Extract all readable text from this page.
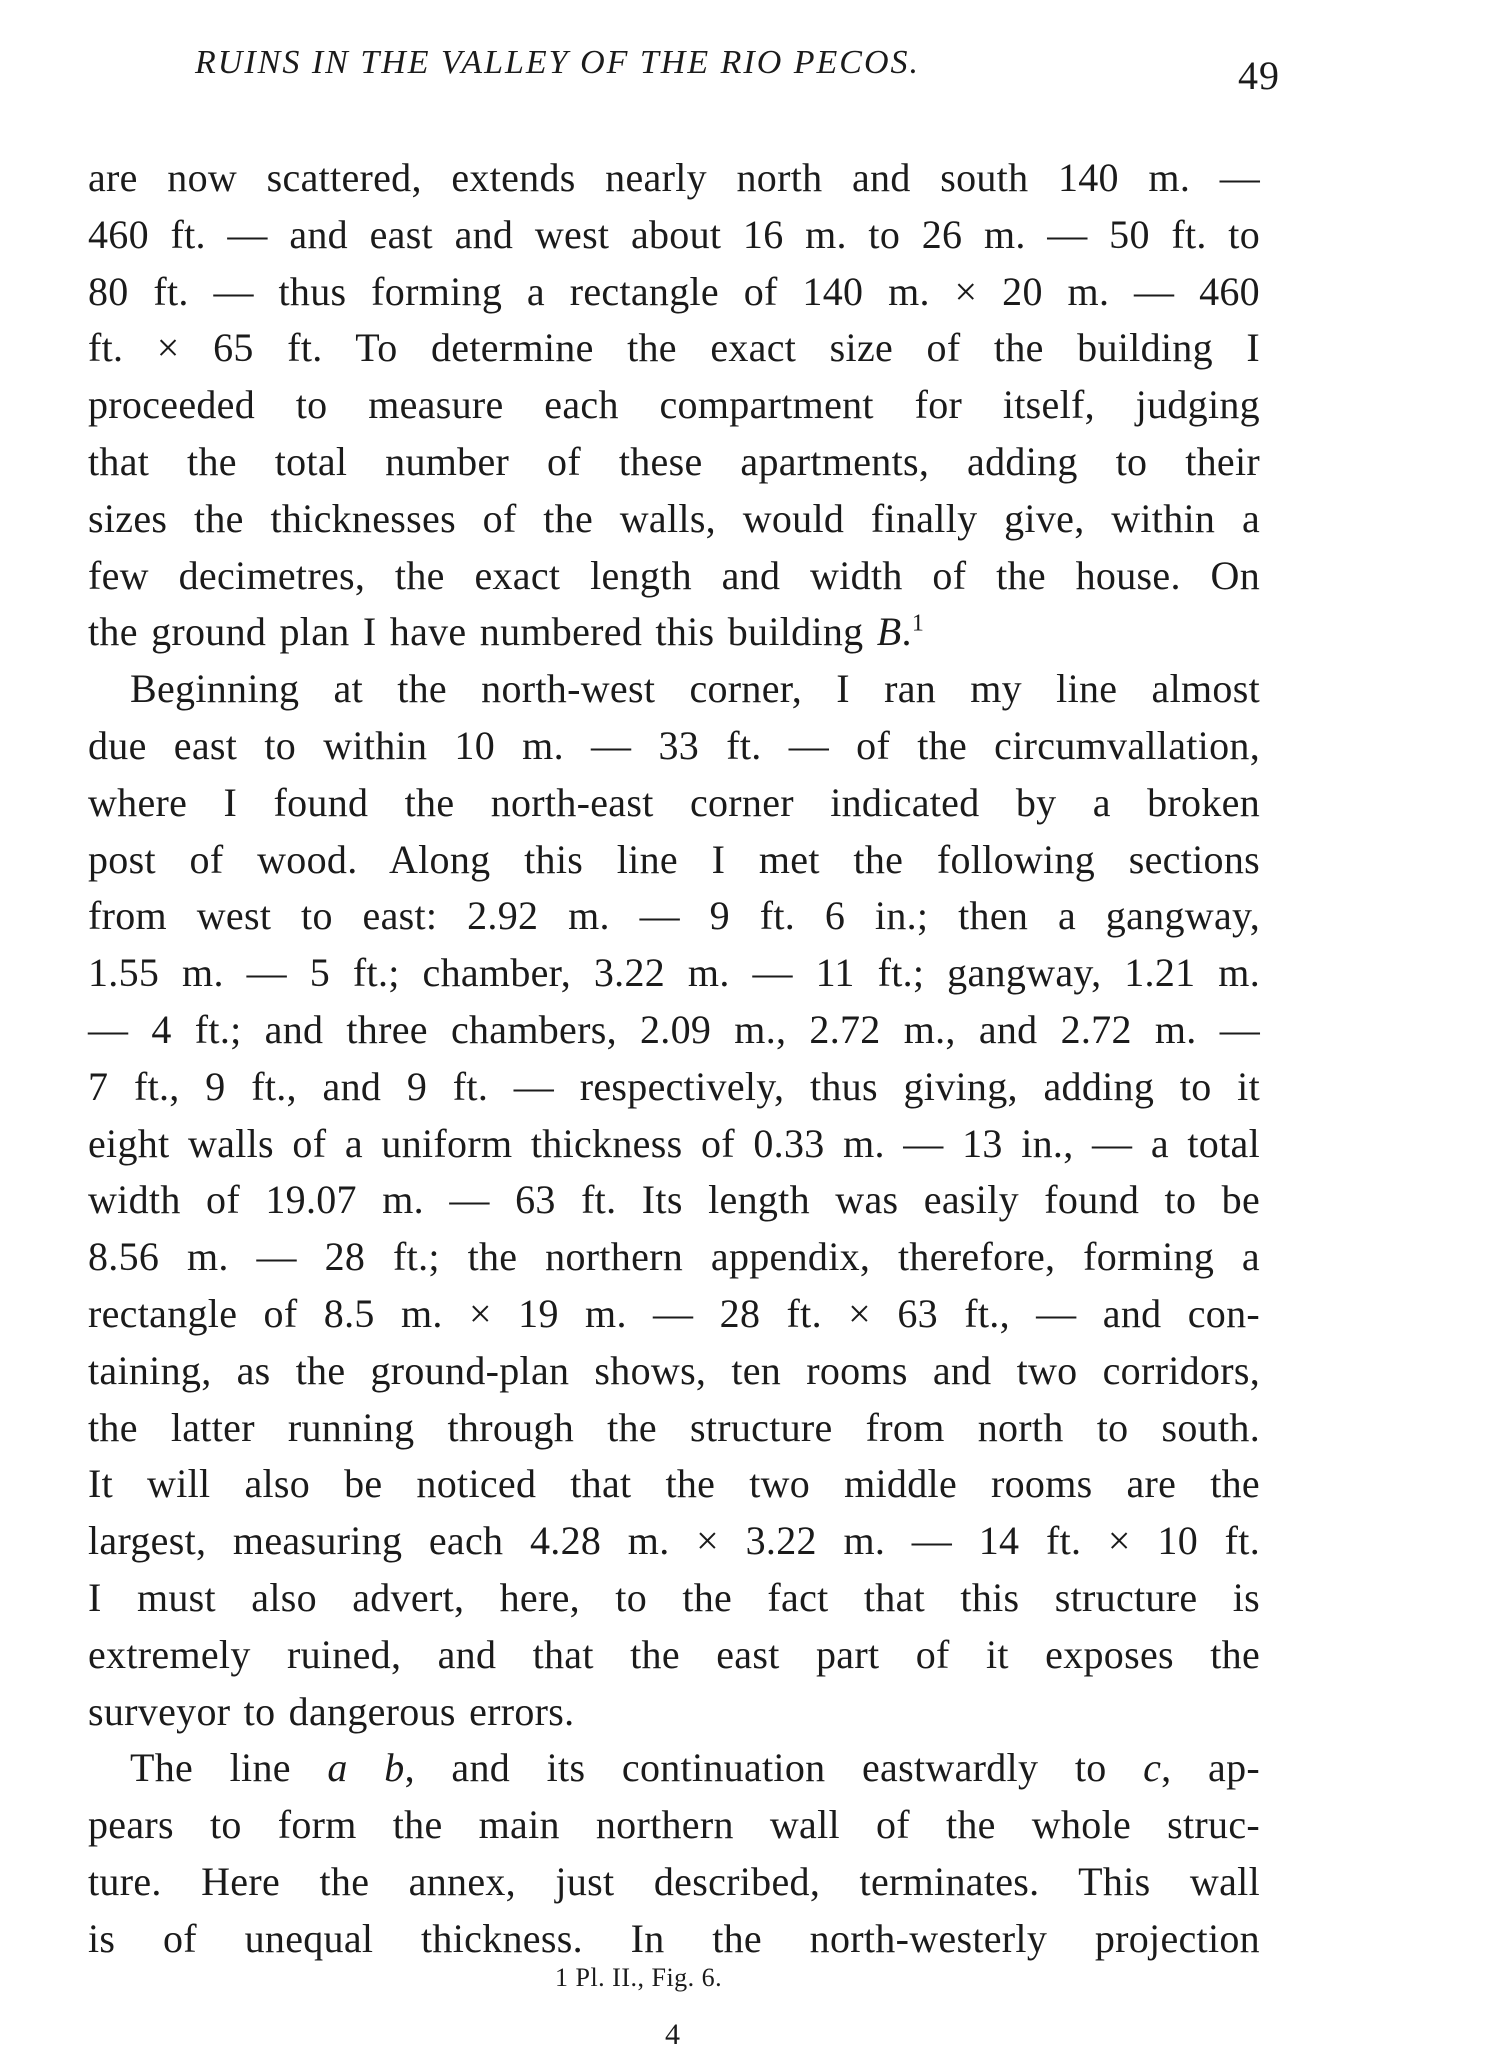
RUINS IN THE VALLEY OF THE RIO PECOS.	49
are now scattered, extends nearly north and south 140 m. —
460 ft. — and east and west about 16 m. to 26 m. — 50 ft. to
80 ft. — thus forming a rectangle of 140 m. × 20 m. — 460
ft. × 65 ft. To determine the exact size of the building I
proceeded to measure each compartment for itself, judging
that the total number of these apartments, adding to their
sizes the thicknesses of the walls, would finally give, within a
few decimetres, the exact length and width of the house. On
the ground plan I have numbered this building B.$^1$
Beginning at the north-west corner, I ran my line almost
due east to within 10 m. — 33 ft. — of the circumvallation,
where I found the north-east corner indicated by a broken
post of wood. Along this line I met the following sections
from west to east: 2.92 m. — 9 ft. 6 in.; then a gangway,
1.55 m. — 5 ft.; chamber, 3.22 m. — 11 ft.; gangway, 1.21 m.
— 4 ft.; and three chambers, 2.09 m., 2.72 m., and 2.72 m. —
7 ft., 9 ft., and 9 ft. — respectively, thus giving, adding to it
eight walls of a uniform thickness of 0.33 m. — 13 in., — a total
width of 19.07 m. — 63 ft. Its length was easily found to be
8.56 m. — 28 ft.; the northern appendix, therefore, forming a
rectangle of 8.5 m. × 19 m. — 28 ft. × 63 ft., — and con-
taining, as the ground-plan shows, ten rooms and two corridors,
the latter running through the structure from north to south.
It will also be noticed that the two middle rooms are the
largest, measuring each 4.28 m. × 3.22 m. — 14 ft. × 10 ft.
I must also advert, here, to the fact that this structure is
extremely ruined, and that the east part of it exposes the
surveyor to dangerous errors.
The line a b, and its continuation eastwardly to c, ap-
pears to form the main northern wall of the whole struc-
ture. Here the annex, just described, terminates. This wall
is of unequal thickness. In the north-westerly projection
1 Pl. II., Fig. 6.
4
